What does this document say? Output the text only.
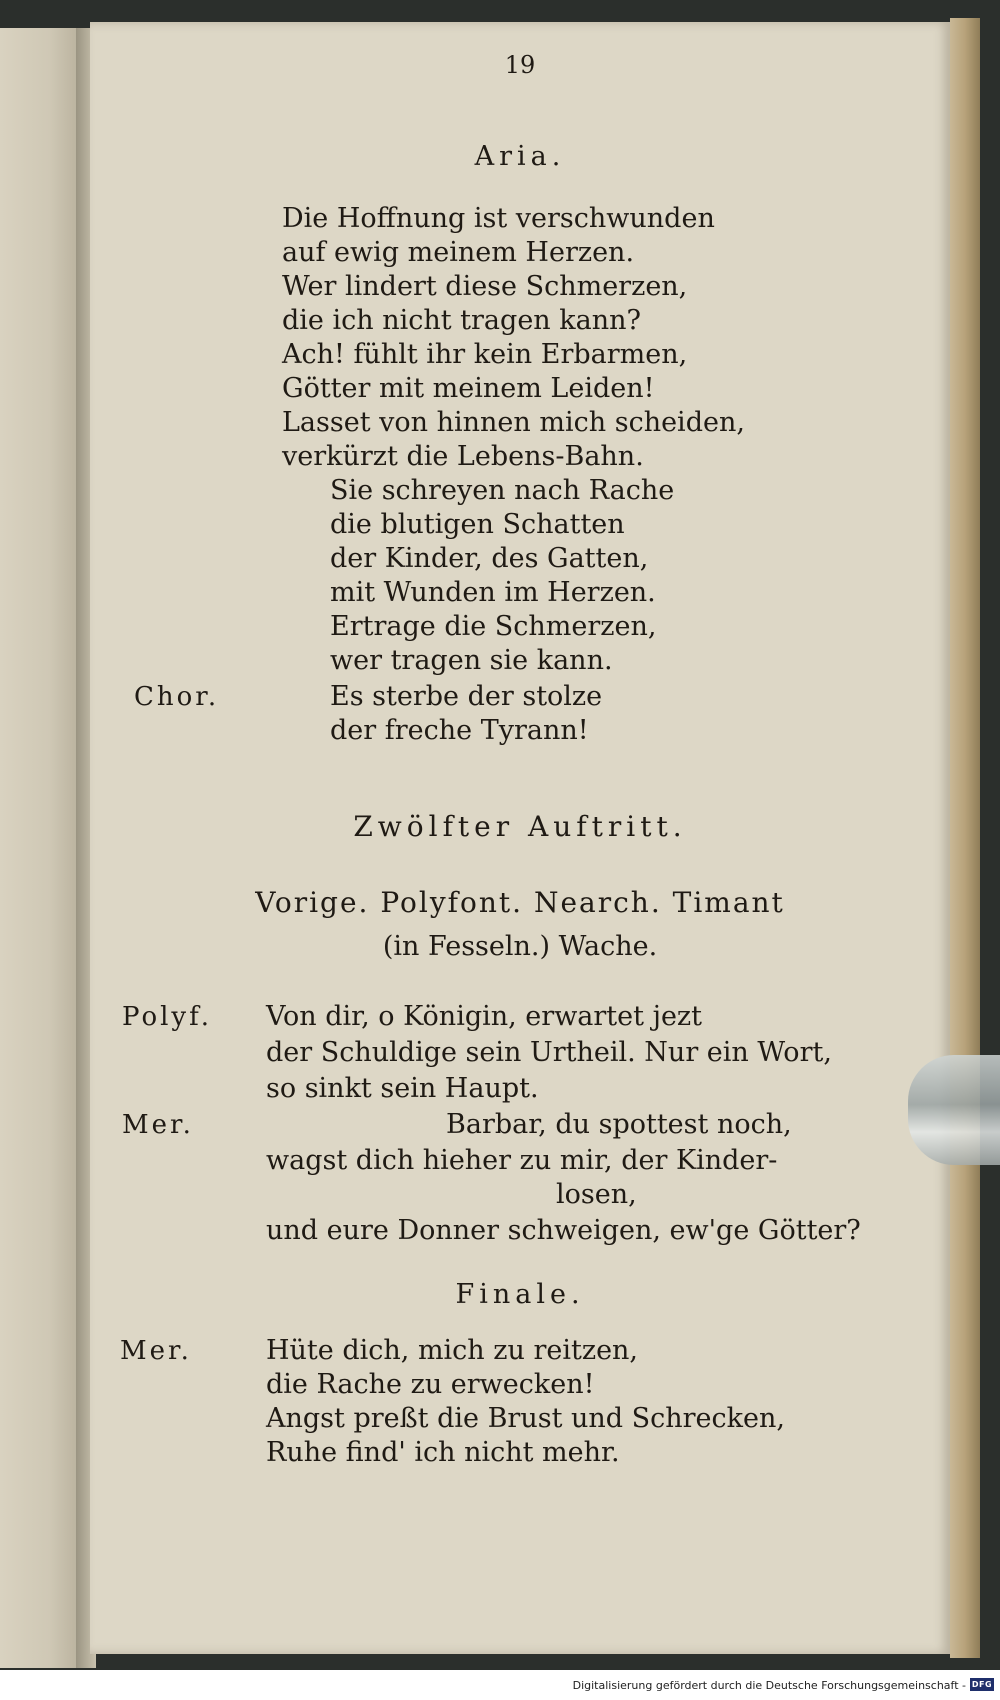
19
Aria.
Die Hoffnung ist verschwunden
auf ewig meinem Herzen.
Wer lindert diese Schmerzen,
die ich nicht tragen kann?
Ach! fühlt ihr kein Erbarmen,
Götter mit meinem Leiden!
Lasset von hinnen mich scheiden,
verkürzt die Lebens-Bahn.
Sie schreyen nach Rache
die blutigen Schatten
der Kinder, des Gatten,
mit Wunden im Herzen.
Ertrage die Schmerzen,
wer tragen sie kann.
Chor.	Es sterbe der stolze
der freche Tyrann!
Zwölfter Auftritt.
Vorige. Polyfont. Nearch. Timant
(in Fesseln.) Wache.
Polyf. Von dir, o Königin, erwartet jezt
der Schuldige sein Urtheil. Nur ein Wort,
so sinkt sein Haupt.
Mer.	Barbar, du spottest noch,
wagst dich hieher zu mir, der Kinder-
losen,
und eure Donner schweigen, ew'ge Götter?
Finale.
Mer.	Hüte dich, mich zu reitzen,
die Rache zu erwecken!
Angst preßt die Brust und Schrecken,
Ruhe find' ich nicht mehr.
Digitalisierung gefördert durch die Deutsche Forschungsgemeinschaft - DFG
